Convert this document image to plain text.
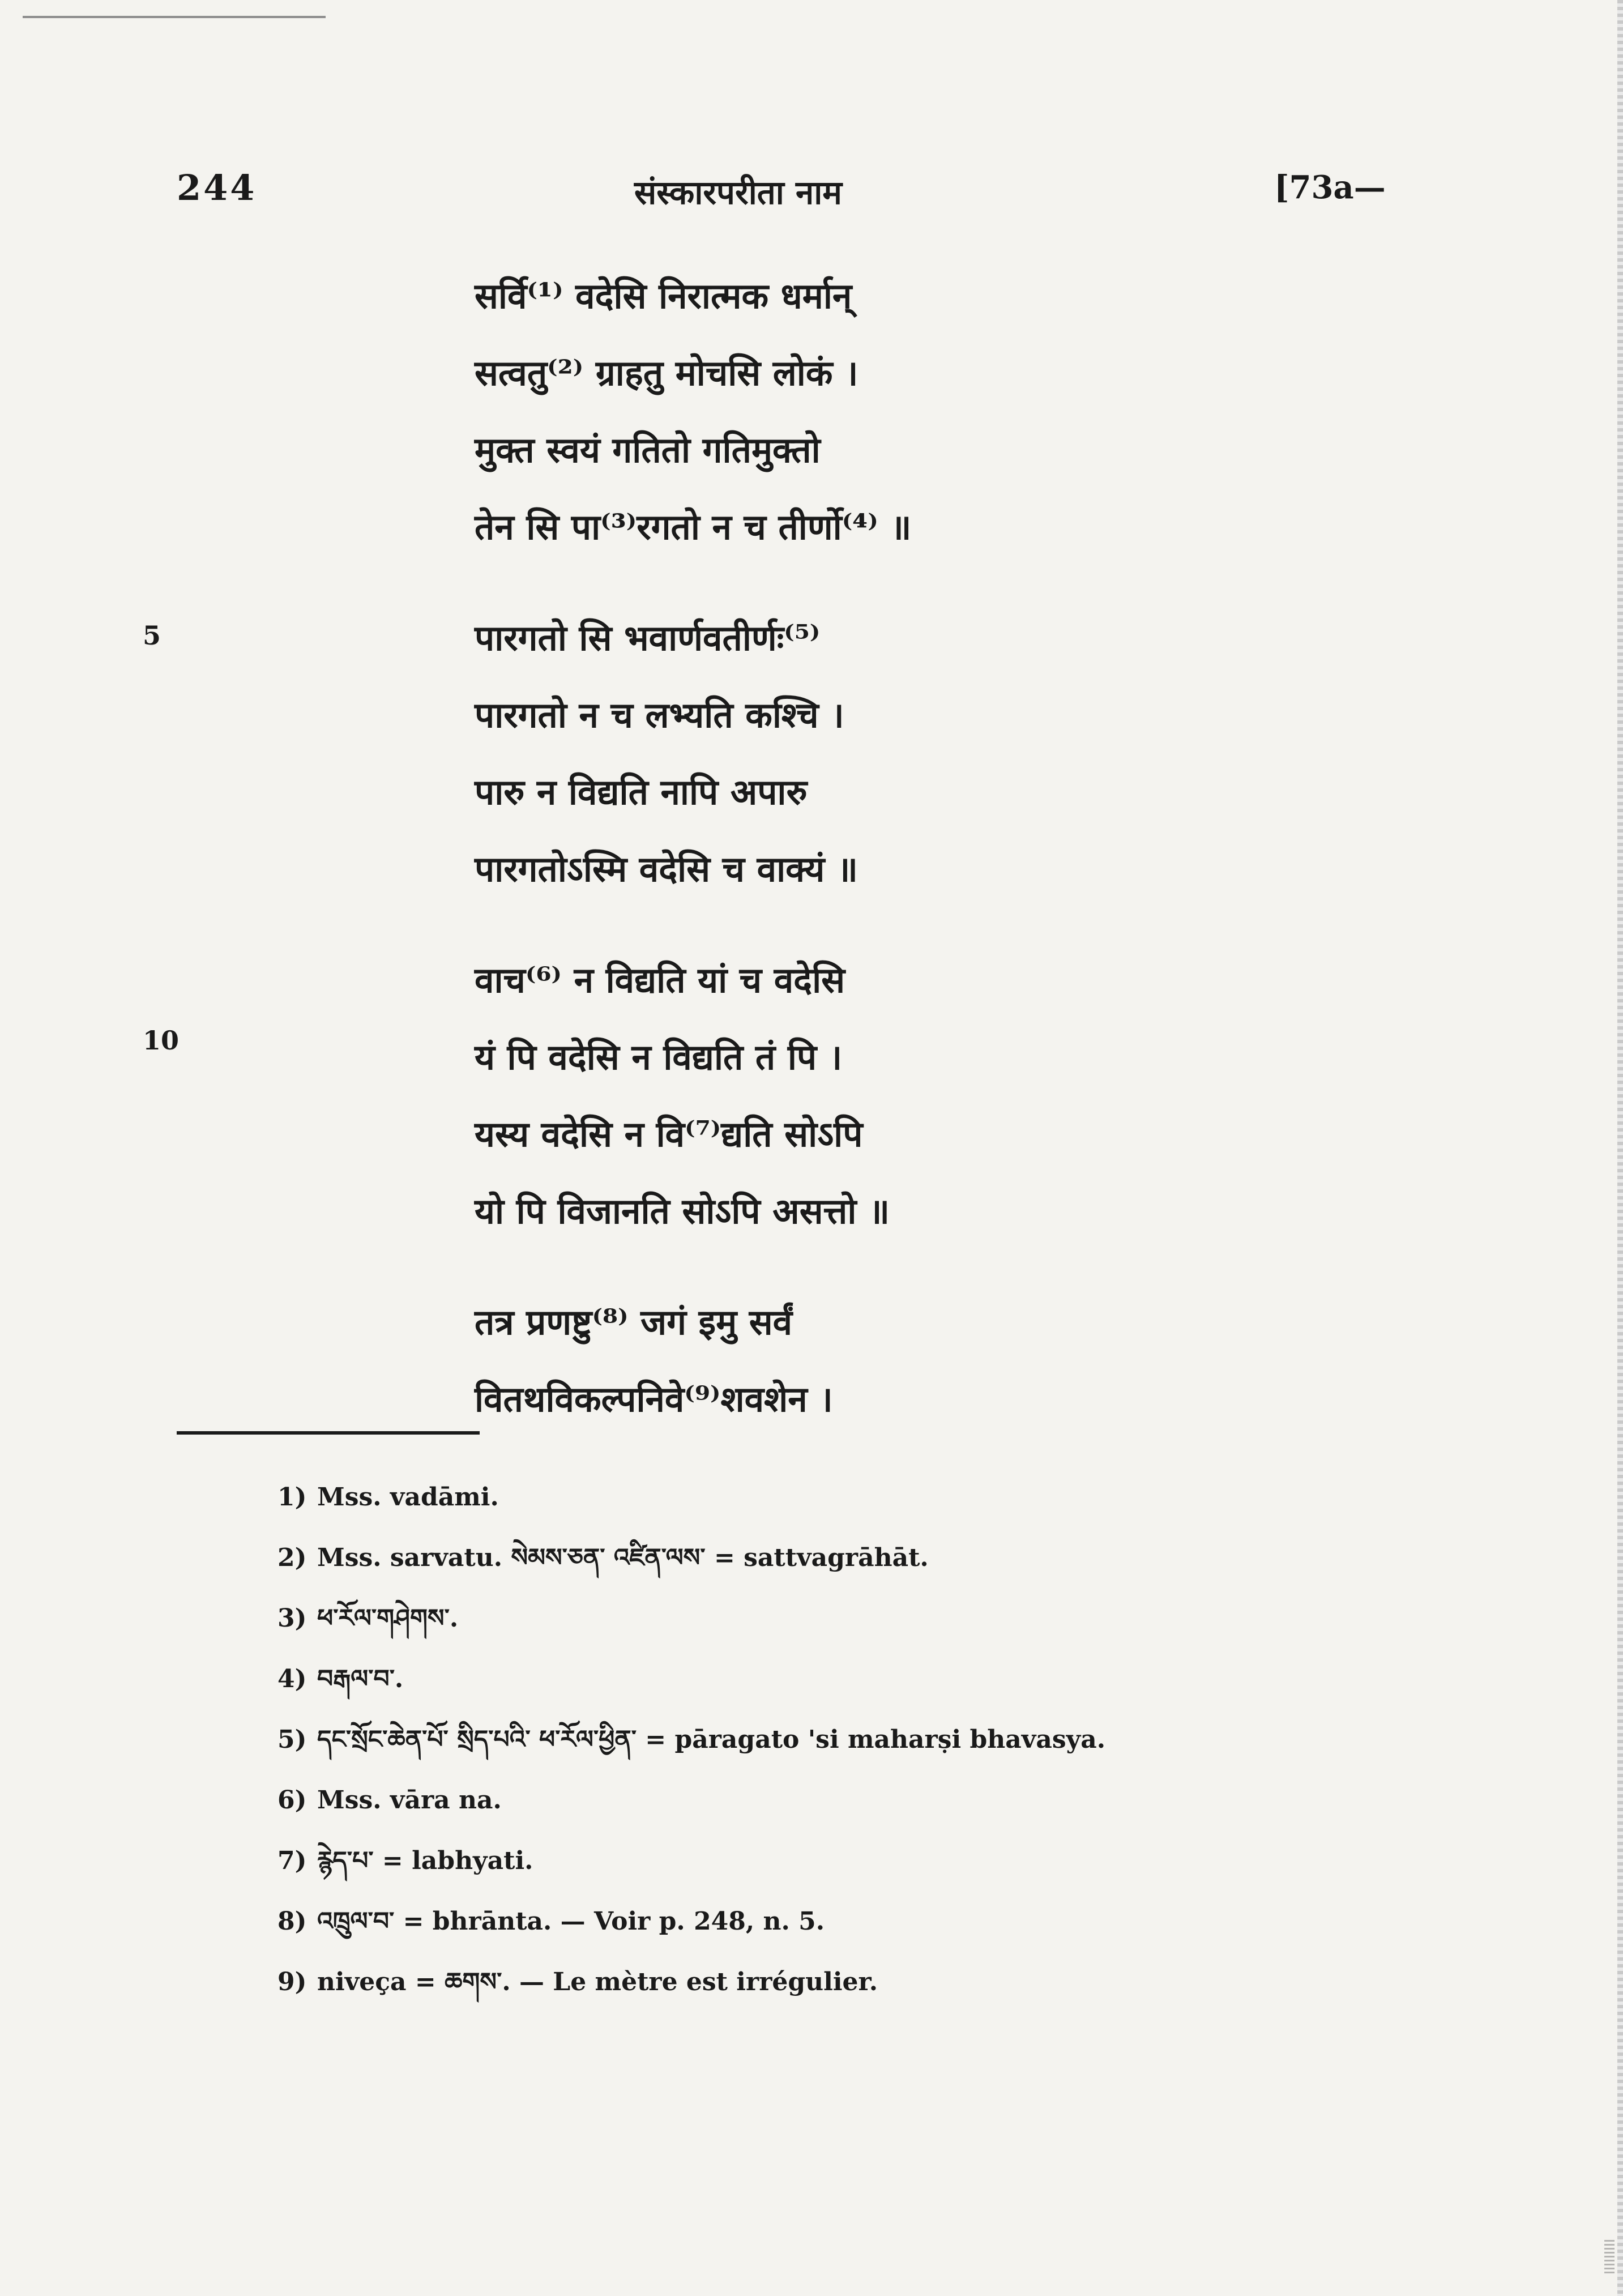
244	संस्कारपरीता नाम	[73a—
5
10
सर्वि⁽¹⁾ वदेसि निरात्मक धर्मान्
सत्वतु⁽²⁾ ग्राहतु मोचसि लोकं ।
मुक्त स्वयं गतितो गतिमुक्तो
तेन सि पा⁽³⁾रगतो न च तीर्णो⁽⁴⁾ ॥
पारगतो सि भवार्णवतीर्णः⁽⁵⁾
पारगतो न च लभ्यति कश्चि ।
पारु न विद्यति नापि अपारु
पारगतोऽस्मि वदेसि च वाक्यं ॥
वाच⁽⁶⁾ न विद्यति यां च वदेसि
यं पि वदेसि न विद्यति तं पि ।
यस्य वदेसि न वि⁽⁷⁾द्यति सोऽपि
यो पि विजानति सोऽपि असत्तो ॥
तत्र प्रणष्टु⁽⁸⁾ जगं इमु सर्वं
वितथविकल्पनिवे⁽⁹⁾शवशेन ।
1) Mss. vadāmi.
2) Mss. sarvatu. སེམས་ཅན་ འཛིན་ལས་ = sattvagrāhāt.
3) ཕ་རོལ་གཤེགས་.
4) བརྒལ་བ་.
5) དང་སྲོང་ཆེན་པོ་ སྲིད་པའི་ ཕ་རོལ་ཕྱིན་ = pāragato 'si maharṣi bhavasya.
6) Mss. vāra na.
7) རྙེད་པ་ = labhyati.
8) འཁྲུལ་བ་ = bhrānta. — Voir p. 248, n. 5.
9) niveça = ཆགས་. — Le mètre est irrégulier.
